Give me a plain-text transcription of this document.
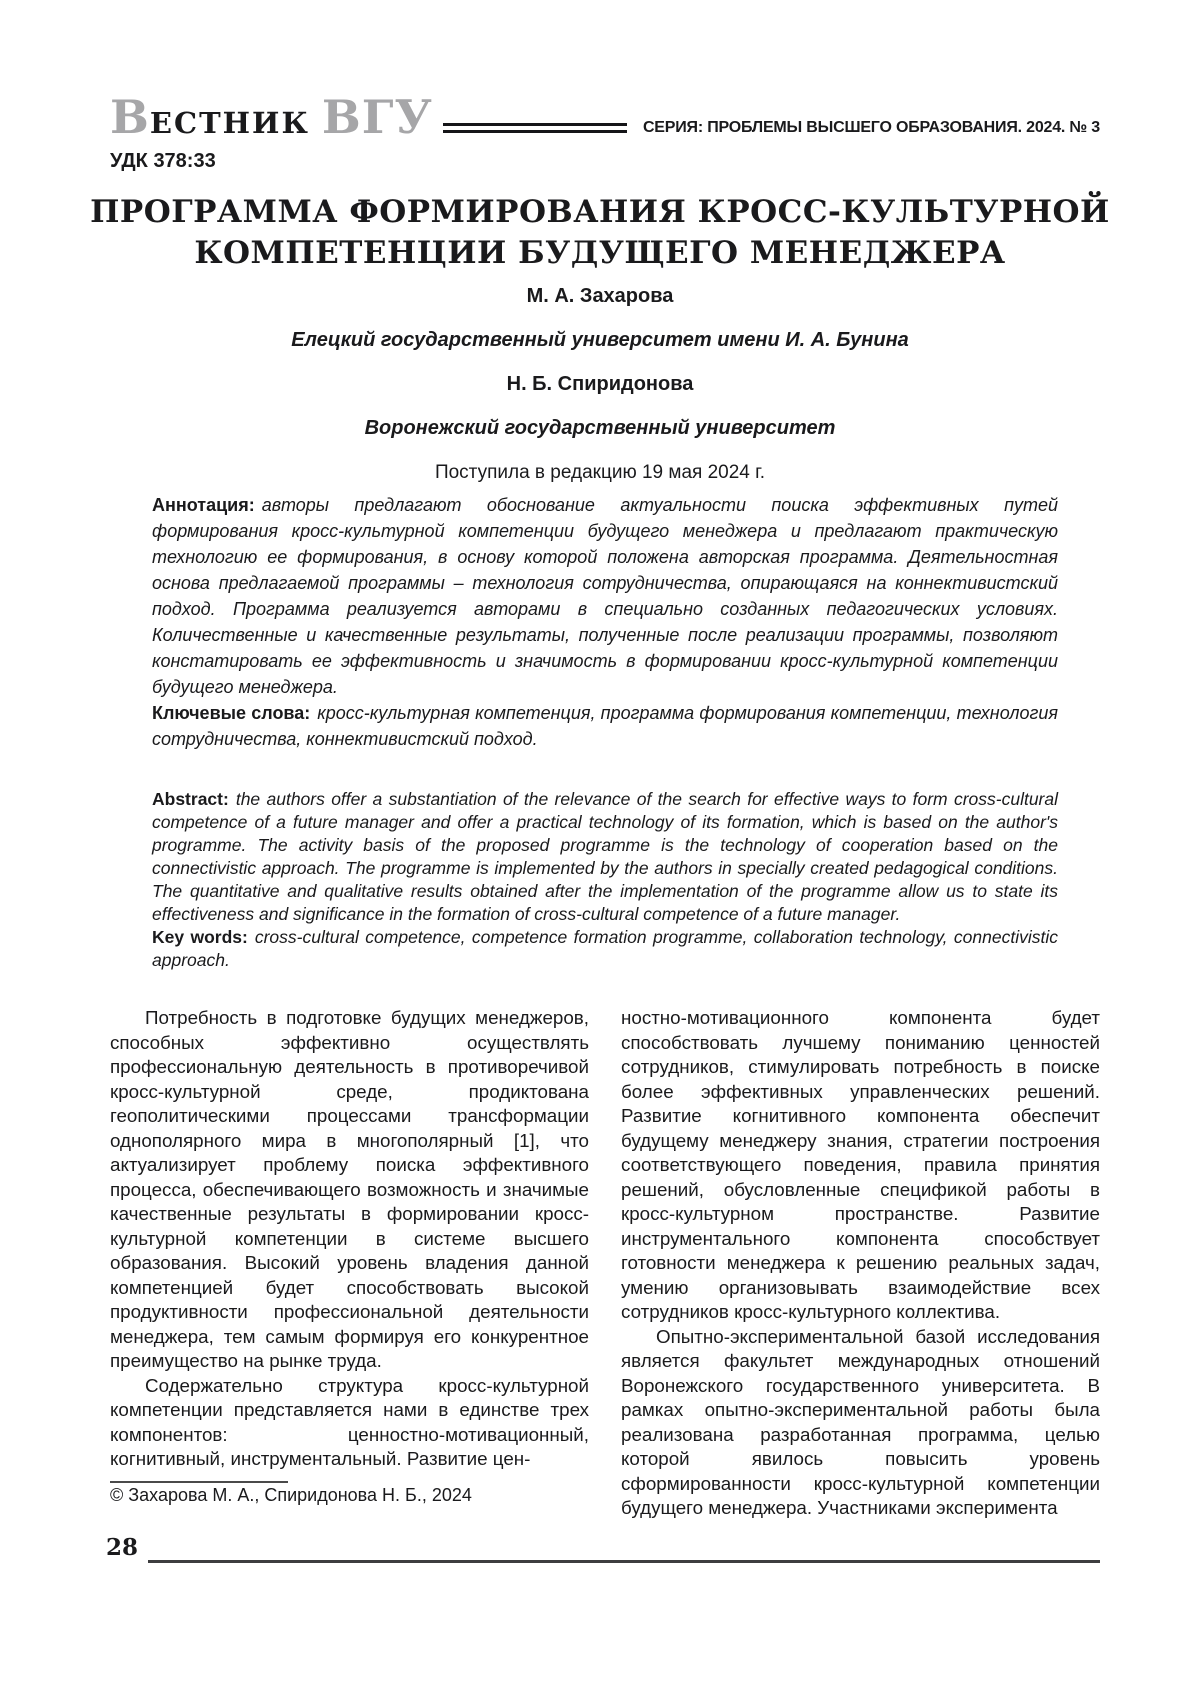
ВЕСТНИК ВГУ	СЕРИЯ: ПРОБЛЕМЫ ВЫСШЕГО ОБРАЗОВАНИЯ. 2024. № 3
УДК 378:33
ПРОГРАММА ФОРМИРОВАНИЯ КРОСС-КУЛЬТУРНОЙ
КОМПЕТЕНЦИИ БУДУЩЕГО МЕНЕДЖЕРА

М. А. Захарова

Елецкий государственный университет имени И. А. Бунина

Н. Б. Спиридонова

Воронежский государственный университет

Поступила в редакцию 19 мая 2024 г.

Аннотация: авторы предлагают обоснование актуальности поиска эффективных путей формирования кросс-культурной компетенции будущего менеджера и предлагают практическую технологию ее формирования, в основу которой положена авторская программа. Деятельностная основа предлагаемой программы – технология сотрудничества, опирающаяся на коннективистский подход. Программа реализуется авторами в специально созданных педагогических условиях. Количественные и качественные результаты, полученные после реализации программы, позволяют констатировать ее эффективность и значимость в формировании кросс-культурной компетенции будущего менеджера.

Ключевые слова: кросс-культурная компетенция, программа формирования компетенции, технология сотрудничества, коннективистский подход.

Abstract: the authors offer a substantiation of the relevance of the search for effective ways to form cross-cultural competence of a future manager and offer a practical technology of its formation, which is based on the author's programme. The activity basis of the proposed programme is the technology of cooperation based on the connectivistic approach. The programme is implemented by the authors in specially created pedagogical conditions. The quantitative and qualitative results obtained after the implementation of the programme allow us to state its effectiveness and significance in the formation of cross-cultural competence of a future manager.

Key words: cross-cultural competence, competence formation programme, collaboration technology, connectivistic approach.

Потребность в подготовке будущих менеджеров, способных эффективно осуществлять профессиональную деятельность в противоречивой кросс-культурной среде, продиктована геополитическими процессами трансформации однополярного мира в многополярный [1], что актуализирует проблему поиска эффективного процесса, обеспечивающего возможность и значимые качественные результаты в формировании кросс-культурной компетенции в системе высшего образования. Высокий уровень владения данной компетенцией будет способствовать высокой продуктивности профессиональной деятельности менеджера, тем самым формируя его конкурентное преимущество на рынке труда.

Содержательно структура кросс-культурной компетенции представляется нами в единстве трех компонентов: ценностно-мотивационный, когнитивный, инструментальный. Развитие цен-

© Захарова М. А., Спиридонова Н. Б., 2024

ностно-мотивационного компонента будет способствовать лучшему пониманию ценностей сотрудников, стимулировать потребность в поиске более эффективных управленческих решений. Развитие когнитивного компонента обеспечит будущему менеджеру знания, стратегии построения соответствующего поведения, правила принятия решений, обусловленные спецификой работы в кросс-культурном пространстве. Развитие инструментального компонента способствует готовности менеджера к решению реальных задач, умению организовывать взаимодействие всех сотрудников кросс-культурного коллектива.

Опытно-экспериментальной базой исследования является факультет международных отношений Воронежского государственного университета. В рамках опытно-экспериментальной работы была реализована разработанная программа, целью которой явилось повысить уровень сформированности кросс-культурной компетенции будущего менеджера. Участниками эксперимента

28
